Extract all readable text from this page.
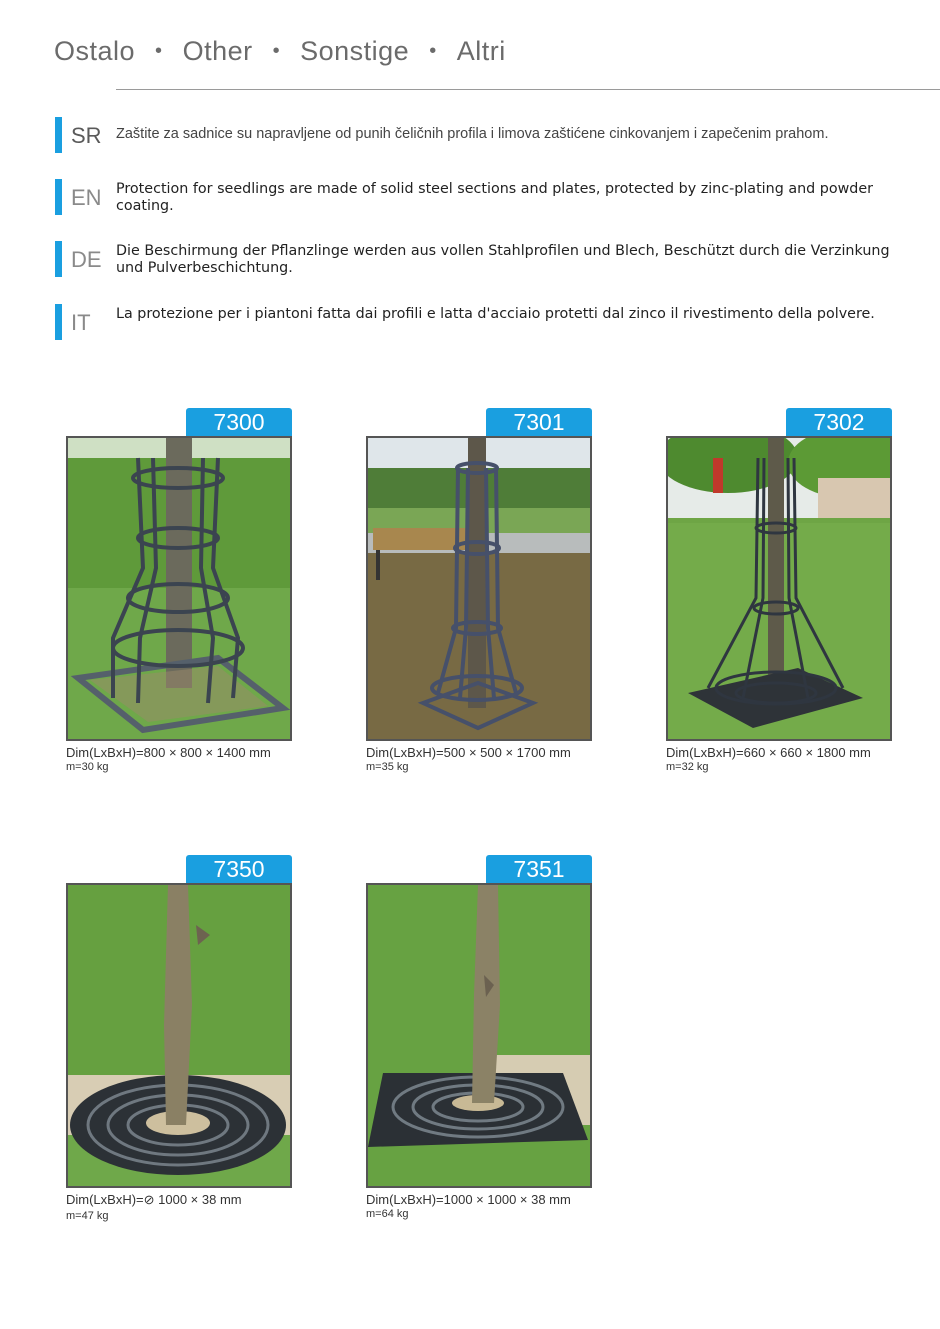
Ostalo • Other • Sonstige • Altri
SR Zaštite za sadnice su napravljene od punih čeličnih profila i limova zaštićene cinkovanjem i zapečenim prahom.
EN Protection for seedlings are made of solid steel sections and plates, protected by zinc-plating and powder coating.
DE Die Beschirmung der Pflanzlinge werden aus vollen Stahlprofilen und Blech, Beschützt durch die Verzinkung und Pulverbeschichtung.
IT La protezione per i piantoni fatta dai profili e latta d'acciaio protetti dal zinco il rivestimento della polvere.
7300
Dim(LxBxH)=800 × 800 × 1400 mm
m=30 kg
7301
Dim(LxBxH)=500 × 500 × 1700 mm
m=35 kg
7302
Dim(LxBxH)=660 × 660 × 1800 mm
m=32 kg
7350
Dim(LxBxH)=⊘ 1000 × 38 mm
m=47 kg
7351
Dim(LxBxH)=1000 × 1000 × 38 mm
m=64 kg
